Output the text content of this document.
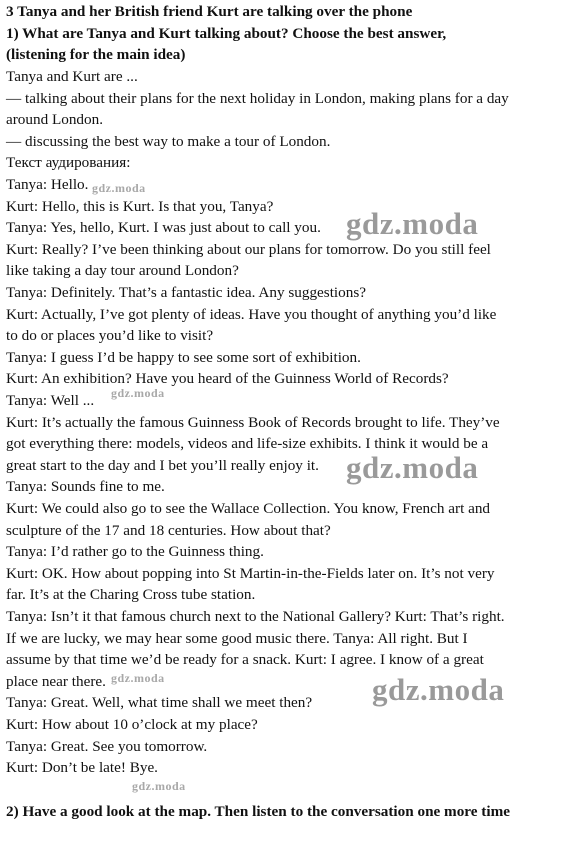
3 Tanya and her British friend Kurt are talking over the phone
1) What are Tanya and Kurt talking about? Choose the best answer,
(listening for the main idea)
Tanya and Kurt are ...
— talking about their plans for the next holiday in London, making plans for a day
around London.
— discussing the best way to make a tour of London.
Текст аудирования:
Tanya: Hello.
Kurt: Hello, this is Kurt. Is that you, Tanya?
Tanya: Yes, hello, Kurt. I was just about to call you.
Kurt: Really? I’ve been thinking about our plans for tomorrow. Do you still feel
like taking a day tour around London?
Tanya: Definitely. That’s a fantastic idea. Any suggestions?
Kurt: Actually, I’ve got plenty of ideas. Have you thought of anything you’d like
to do or places you’d like to visit?
Tanya: I guess I’d be happy to see some sort of exhibition.
Kurt: An exhibition? Have you heard of the Guinness World of Records?
Tanya: Well ...
Kurt: It’s actually the famous Guinness Book of Records brought to life. They’ve
got everything there: models, videos and life-size exhibits. I think it would be a
great start to the day and I bet you’ll really enjoy it.
Tanya: Sounds fine to me.
Kurt: We could also go to see the Wallace Collection. You know, French art and
sculpture of the 17 and 18 centuries. How about that?
Tanya: I’d rather go to the Guinness thing.
Kurt: OK. How about popping into St Martin-in-the-Fields later on. It’s not very
far. It’s at the Charing Cross tube station.
Tanya: Isn’t it that famous church next to the National Gallery? Kurt: That’s right.
If we are lucky, we may hear some good music there. Tanya: All right. But I
assume by that time we’d be ready for a snack. Kurt: I agree. I know of a great
place near there.
Tanya: Great. Well, what time shall we meet then?
Kurt: How about 10 o’clock at my place?
Tanya: Great. See you tomorrow.
Kurt: Don’t be late! Bye.
2) Have a good look at the map. Then listen to the conversation one more time
gdz.moda
gdz.moda
gdz.moda
gdz.moda
gdz.moda	gdz.moda
gdz.moda
